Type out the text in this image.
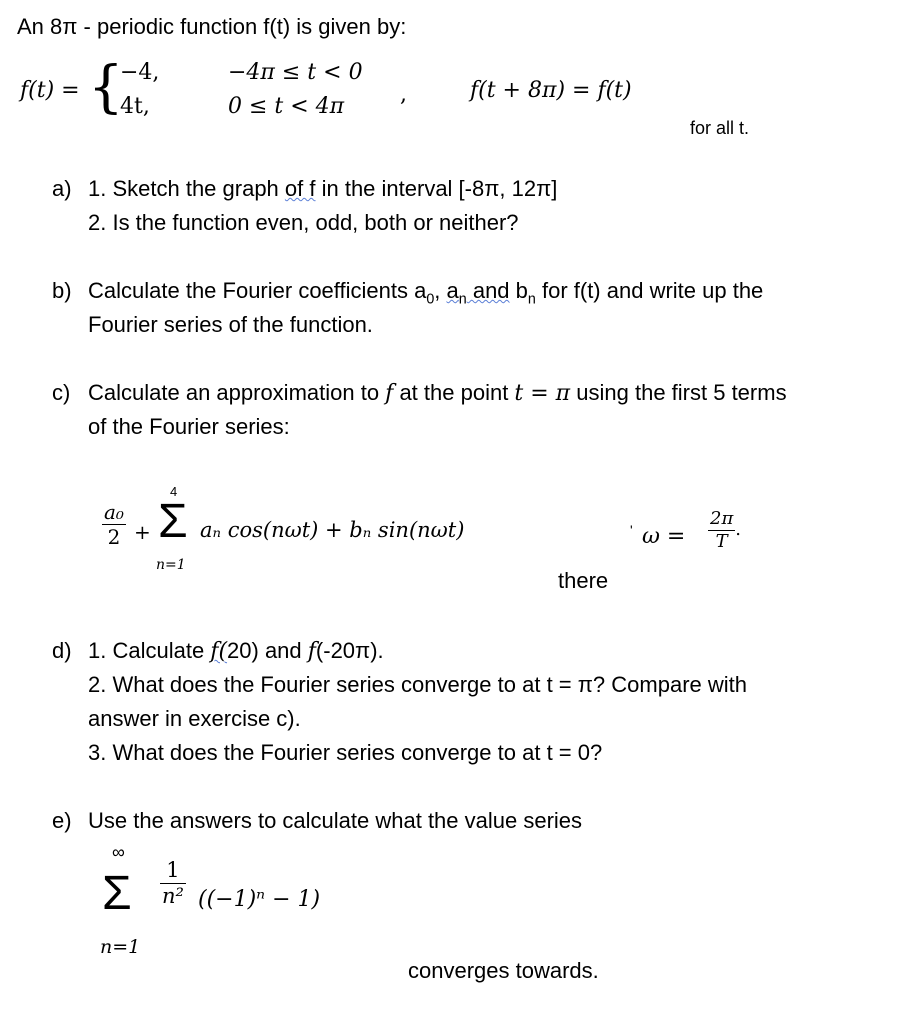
An 8π - periodic function f(t) is given by:
f(t) = {
−4,
4t,
−4π ≤ t < 0
0 ≤ t < 4π	,	f(t + 8π) = f(t)
for all t.
a) 1. Sketch the graph of f in the interval [-8π, 12π]
2. Is the function even, odd, both or neither?
b) Calculate the Fourier coefficients $a_0$, $a_n$ and $b_n$ for f(t) and write up the
Fourier series of the function.
c) Calculate an approximation to f at the point t = π using the first 5 terms
of the Fourier series:
$\frac{\text{a₀}}{2}$ +
4
Σ
n=1
aₙ cos(nωt) + bₙ sin(nωt)
there
' $\omega = \frac{2\pi}{T}$ .
d) 1. Calculate f(20) and f(-20π).
2. What does the Fourier series converge to at t = π? Compare with
answer in exercise c).
3. What does the Fourier series converge to at t = 0?
e) Use the answers to calculate what the value series
∞
Σ $\frac{1}{\text{n²}} ((-1)^n - 1)$
n=1
converges towards.
